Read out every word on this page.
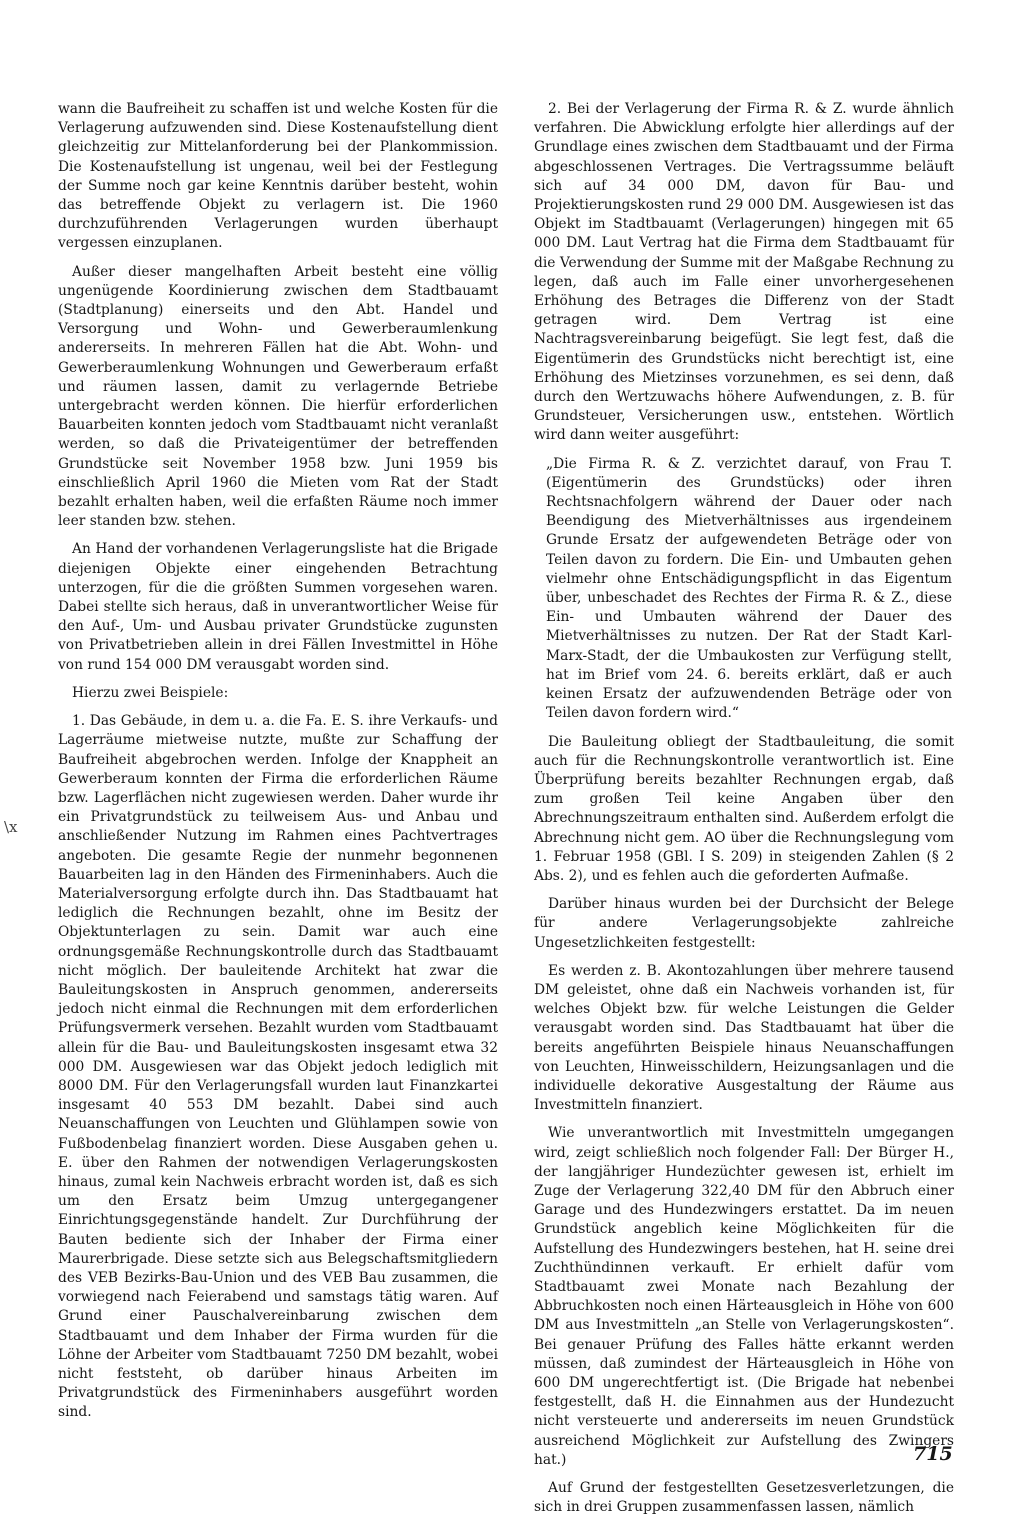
\x

wann die Baufreiheit zu schaffen ist und welche Kosten für die Verlagerung aufzuwenden sind. Diese Kostenaufstellung dient gleichzeitig zur Mittelanforderung bei der Plankommission. Die Kostenaufstellung ist ungenau, weil bei der Festlegung der Summe noch gar keine Kenntnis darüber besteht, wohin das betreffende Objekt zu verlagern ist. Die 1960 durchzuführenden Verlagerungen wurden überhaupt vergessen einzuplanen.

Außer dieser mangelhaften Arbeit besteht eine völlig ungenügende Koordinierung zwischen dem Stadtbauamt (Stadtplanung) einerseits und den Abt. Handel und Versorgung und Wohn- und Gewerberaumlenkung andererseits. In mehreren Fällen hat die Abt. Wohn- und Gewerberaumlenkung Wohnungen und Gewerberaum erfaßt und räumen lassen, damit zu verlagernde Betriebe untergebracht werden können. Die hierfür erforderlichen Bauarbeiten konnten jedoch vom Stadtbauamt nicht veranlaßt werden, so daß die Privateigentümer der betreffenden Grundstücke seit November 1958 bzw. Juni 1959 bis einschließlich April 1960 die Mieten vom Rat der Stadt bezahlt erhalten haben, weil die erfaßten Räume noch immer leer standen bzw. stehen.

An Hand der vorhandenen Verlagerungsliste hat die Brigade diejenigen Objekte einer eingehenden Betrachtung unterzogen, für die die größten Summen vorgesehen waren. Dabei stellte sich heraus, daß in unverantwortlicher Weise für den Auf-, Um- und Ausbau privater Grundstücke zugunsten von Privatbetrieben allein in drei Fällen Investmittel in Höhe von rund 154 000 DM verausgabt worden sind.

Hierzu zwei Beispiele:

1. Das Gebäude, in dem u. a. die Fa. E. S. ihre Verkaufs- und Lagerräume mietweise nutzte, mußte zur Schaffung der Baufreiheit abgebrochen werden. Infolge der Knappheit an Gewerberaum konnten der Firma die erforderlichen Räume bzw. Lagerflächen nicht zugewiesen werden. Daher wurde ihr ein Privatgrundstück zu teilweisem Aus- und Anbau und anschließender Nutzung im Rahmen eines Pachtvertrages angeboten. Die gesamte Regie der nunmehr begonnenen Bauarbeiten lag in den Händen des Firmeninhabers. Auch die Materialversorgung erfolgte durch ihn. Das Stadtbauamt hat lediglich die Rechnungen bezahlt, ohne im Besitz der Objektunterlagen zu sein. Damit war auch eine ordnungsgemäße Rechnungskontrolle durch das Stadtbauamt nicht möglich. Der bauleitende Architekt hat zwar die Bauleitungskosten in Anspruch genommen, andererseits jedoch nicht einmal die Rechnungen mit dem erforderlichen Prüfungsvermerk versehen. Bezahlt wurden vom Stadtbauamt allein für die Bau- und Bauleitungskosten insgesamt etwa 32 000 DM. Ausgewiesen war das Objekt jedoch lediglich mit 8000 DM. Für den Verlagerungsfall wurden laut Finanzkartei insgesamt 40 553 DM bezahlt. Dabei sind auch Neuanschaffungen von Leuchten und Glühlampen sowie von Fußbodenbelag finanziert worden. Diese Ausgaben gehen u. E. über den Rahmen der notwendigen Verlagerungskosten hinaus, zumal kein Nachweis erbracht worden ist, daß es sich um den Ersatz beim Umzug untergegangener Einrichtungsgegenstände handelt. Zur Durchführung der Bauten bediente sich der Inhaber der Firma einer Maurerbrigade. Diese setzte sich aus Belegschaftsmitgliedern des VEB Bezirks-Bau-Union und des VEB Bau zusammen, die vorwiegend nach Feierabend und samstags tätig waren. Auf Grund einer Pauschalvereinbarung zwischen dem Stadtbauamt und dem Inhaber der Firma wurden für die Löhne der Arbeiter vom Stadtbauamt 7250 DM bezahlt, wobei nicht feststeht, ob darüber hinaus Arbeiten im Privatgrundstück des Firmeninhabers ausgeführt worden sind.

2. Bei der Verlagerung der Firma R. & Z. wurde ähnlich verfahren. Die Abwicklung erfolgte hier allerdings auf der Grundlage eines zwischen dem Stadtbauamt und der Firma abgeschlossenen Vertrages. Die Vertragssumme beläuft sich auf 34 000 DM, davon für Bau- und Projektierungskosten rund 29 000 DM. Ausgewiesen ist das Objekt im Stadtbauamt (Verlagerungen) hingegen mit 65 000 DM. Laut Vertrag hat die Firma dem Stadtbauamt für die Verwendung der Summe mit der Maßgabe Rechnung zu legen, daß auch im Falle einer unvorhergesehenen Erhöhung des Betrages die Differenz von der Stadt getragen wird. Dem Vertrag ist eine Nachtragsvereinbarung beigefügt. Sie legt fest, daß die Eigentümerin des Grundstücks nicht berechtigt ist, eine Erhöhung des Mietzinses vorzunehmen, es sei denn, daß durch den Wertzuwachs höhere Aufwendungen, z. B. für Grundsteuer, Versicherungen usw., entstehen. Wörtlich wird dann weiter ausgeführt:

„Die Firma R. & Z. verzichtet darauf, von Frau T. (Eigentümerin des Grundstücks) oder ihren Rechtsnachfolgern während der Dauer oder nach Beendigung des Mietverhältnisses aus irgendeinem Grunde Ersatz der aufgewendeten Beträge oder von Teilen davon zu fordern. Die Ein- und Umbauten gehen vielmehr ohne Entschädigungspflicht in das Eigentum über, unbeschadet des Rechtes der Firma R. & Z., diese Ein- und Umbauten während der Dauer des Mietverhältnisses zu nutzen. Der Rat der Stadt Karl-Marx-Stadt, der die Umbaukosten zur Verfügung stellt, hat im Brief vom 24. 6. bereits erklärt, daß er auch keinen Ersatz der aufzuwendenden Beträge oder von Teilen davon fordern wird.“

Die Bauleitung obliegt der Stadtbauleitung, die somit auch für die Rechnungskontrolle verantwortlich ist. Eine Überprüfung bereits bezahlter Rechnungen ergab, daß zum großen Teil keine Angaben über den Abrechnungszeitraum enthalten sind. Außerdem erfolgt die Abrechnung nicht gem. AO über die Rechnungslegung vom 1. Februar 1958 (GBl. I S. 209) in steigenden Zahlen (§ 2 Abs. 2), und es fehlen auch die geforderten Aufmaße.

Darüber hinaus wurden bei der Durchsicht der Belege für andere Verlagerungsobjekte zahlreiche Ungesetzlichkeiten festgestellt:

Es werden z. B. Akontozahlungen über mehrere tausend DM geleistet, ohne daß ein Nachweis vorhanden ist, für welches Objekt bzw. für welche Leistungen die Gelder verausgabt worden sind. Das Stadtbauamt hat über die bereits angeführten Beispiele hinaus Neuanschaffungen von Leuchten, Hinweisschildern, Heizungsanlagen und die individuelle dekorative Ausgestaltung der Räume aus Investmitteln finanziert.

Wie unverantwortlich mit Investmitteln umgegangen wird, zeigt schließlich noch folgender Fall: Der Bürger H., der langjähriger Hundezüchter gewesen ist, erhielt im Zuge der Verlagerung 322,40 DM für den Abbruch einer Garage und des Hundezwingers erstattet. Da im neuen Grundstück angeblich keine Möglichkeiten für die Aufstellung des Hundezwingers bestehen, hat H. seine drei Zuchthündinnen verkauft. Er erhielt dafür vom Stadtbauamt zwei Monate nach Bezahlung der Abbruchkosten noch einen Härteausgleich in Höhe von 600 DM aus Investmitteln „an Stelle von Verlagerungskosten“. Bei genauer Prüfung des Falles hätte erkannt werden müssen, daß zumindest der Härteausgleich in Höhe von 600 DM ungerechtfertigt ist. (Die Brigade hat nebenbei festgestellt, daß H. die Einnahmen aus der Hundezucht nicht versteuerte und andererseits im neuen Grundstück ausreichend Möglichkeit zur Aufstellung des Zwingers hat.)

Auf Grund der festgestellten Gesetzesverletzungen, die sich in drei Gruppen zusammenfassen lassen, nämlich

715
